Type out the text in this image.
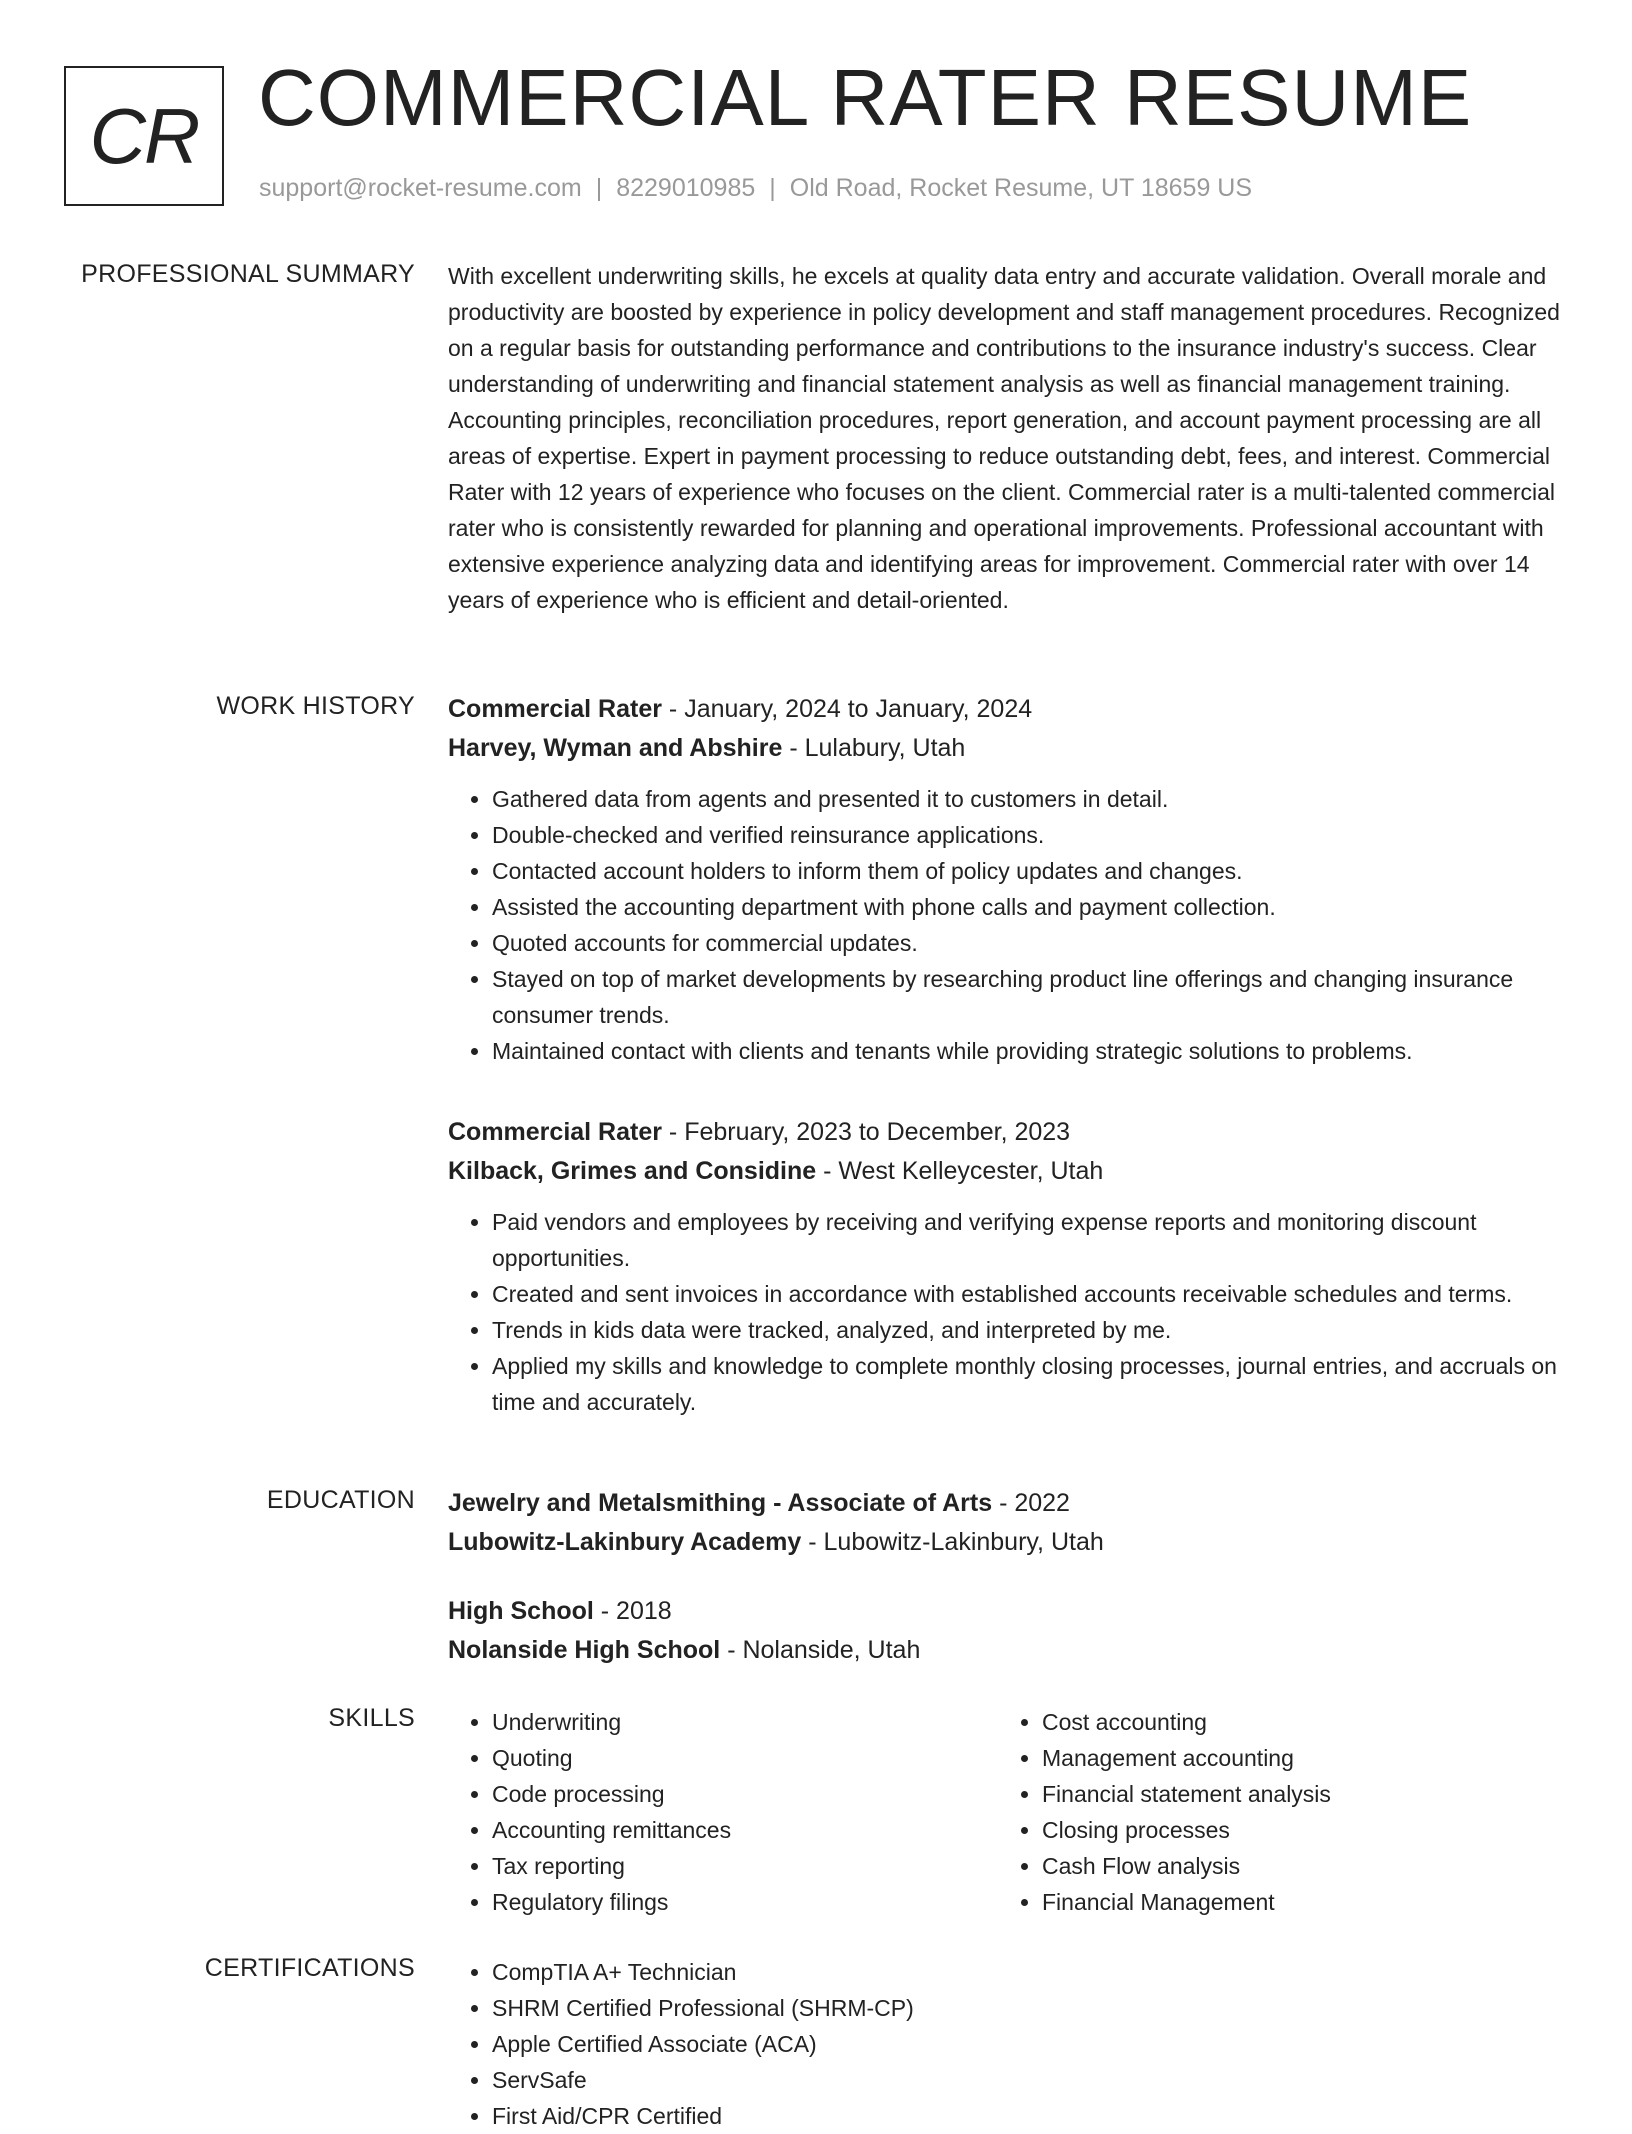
CR COMMERCIAL RATER RESUME
support@rocket-resume.com | 8229010985 | Old Road, Rocket Resume, UT 18659 US
PROFESSIONAL SUMMARY With excellent underwriting skills, he excels at quality data entry and accurate validation. Overall morale and productivity are boosted by experience in policy development and staff management procedures. Recognized on a regular basis for outstanding performance and contributions to the insurance industry's success. Clear understanding of underwriting and financial statement analysis as well as financial management training. Accounting principles, reconciliation procedures, report generation, and account payment processing are all areas of expertise. Expert in payment processing to reduce outstanding debt, fees, and interest. Commercial Rater with 12 years of experience who focuses on the client. Commercial rater is a multi-talented commercial rater who is consistently rewarded for planning and operational improvements. Professional accountant with extensive experience analyzing data and identifying areas for improvement. Commercial rater with over 14 years of experience who is efficient and detail-oriented.

WORK HISTORY Commercial Rater - January, 2024 to January, 2024
Harvey, Wyman and Abshire - Lulabury, Utah
• Gathered data from agents and presented it to customers in detail.
• Double-checked and verified reinsurance applications.
• Contacted account holders to inform them of policy updates and changes.
• Assisted the accounting department with phone calls and payment collection.
• Quoted accounts for commercial updates.
• Stayed on top of market developments by researching product line offerings and changing insurance consumer trends.
• Maintained contact with clients and tenants while providing strategic solutions to problems.
Commercial Rater - February, 2023 to December, 2023
Kilback, Grimes and Considine - West Kelleycester, Utah
• Paid vendors and employees by receiving and verifying expense reports and monitoring discount opportunities.
• Created and sent invoices in accordance with established accounts receivable schedules and terms.
• Trends in kids data were tracked, analyzed, and interpreted by me.
• Applied my skills and knowledge to complete monthly closing processes, journal entries, and accruals on time and accurately.
EDUCATION Jewelry and Metalsmithing - Associate of Arts - 2022
Lubowitz-Lakinbury Academy - Lubowitz-Lakinbury, Utah
High School - 2018
Nolanside High School - Nolanside, Utah
SKILLS	• Underwriting
• Quoting
• Code processing
• Accounting remittances
• Tax reporting
• Regulatory filings
• Cost accounting
• Management accounting
• Financial statement analysis
• Closing processes
• Cash Flow analysis
• Financial Management
CERTIFICATIONS	• CompTIA A+ Technician
• SHRM Certified Professional (SHRM-CP)
• Apple Certified Associate (ACA)
• ServSafe
• First Aid/CPR Certified
